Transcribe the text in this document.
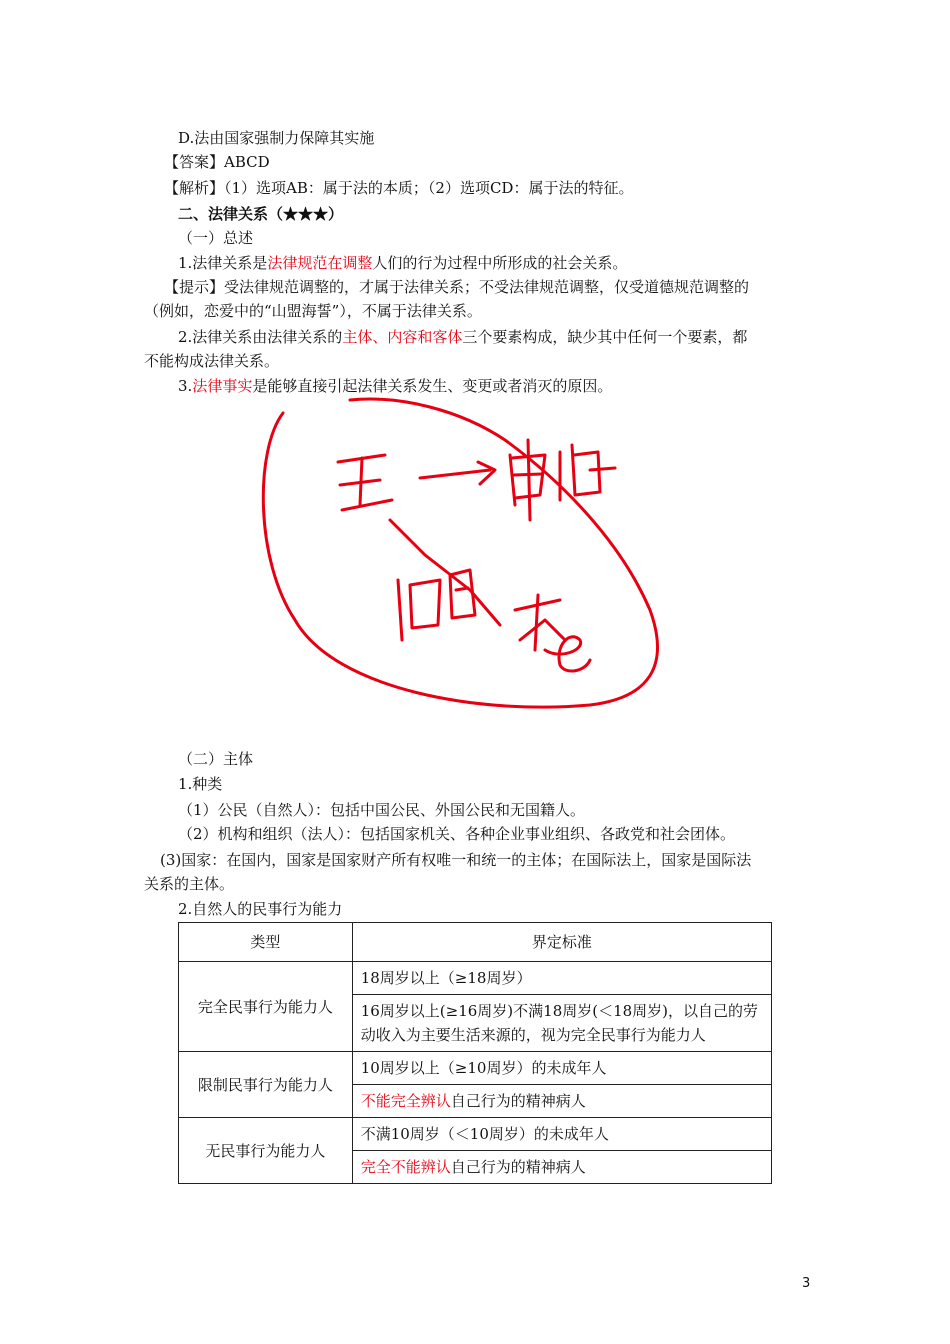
D.法由国家强制力保障其实施
【答案】ABCD
【解析】（1）选项AB：属于法的本质；（2）选项CD：属于法的特征。
二、法律关系（★★★）
（一）总述
1.法律关系是法律规范在调整人们的行为过程中所形成的社会关系。
【提示】受法律规范调整的，才属于法律关系；不受法律规范调整，仅受道德规范调整的
（例如，恋爱中的“山盟海誓”），不属于法律关系。
2.法律关系由法律关系的主体、内容和客体三个要素构成，缺少其中任何一个要素，都
不能构成法律关系。
3.法律事实是能够直接引起法律关系发生、变更或者消灭的原因。
（二）主体
1.种类
（1）公民（自然人）：包括中国公民、外国公民和无国籍人。
（2）机构和组织（法人）：包括国家机关、各种企业事业组织、各政党和社会团体。
(3)国家：在国内，国家是国家财产所有权唯一和统一的主体；在国际法上，国家是国际法
关系的主体。
2.自然人的民事行为能力
类型	界定标准
完全民事行为能力人	18周岁以上（≥18周岁）
	16周岁以上(≥16周岁)不满18周岁(＜18周岁)，以自己的劳动收入为主要生活来源的，视为完全民事行为能力人
限制民事行为能力人	10周岁以上（≥10周岁）的未成年人
	不能完全辨认自己行为的精神病人
无民事行为能力人	不满10周岁（＜10周岁）的未成年人
	完全不能辨认自己行为的精神病人
3
